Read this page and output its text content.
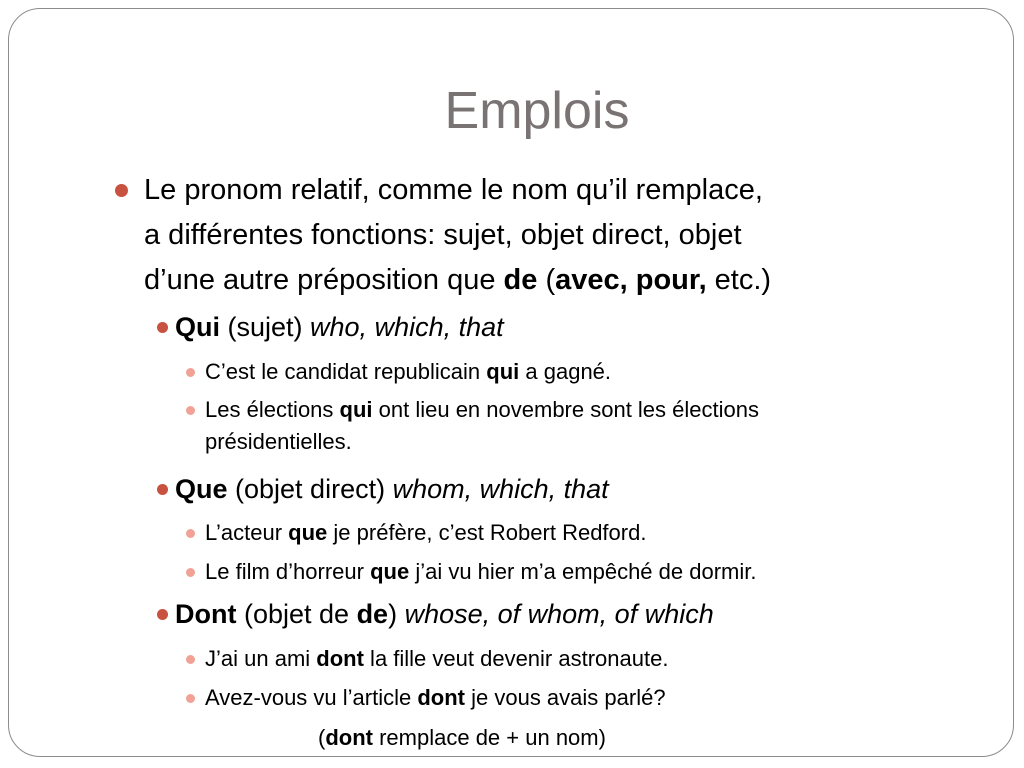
Emplois
Le pronom relatif, comme le nom qu’il remplace,
a différentes fonctions: sujet, objet direct, objet
d’une autre préposition que de (avec, pour, etc.)
Qui (sujet) who, which, that
C’est le candidat republicain qui a gagné.
Les élections qui ont lieu en novembre sont les élections
présidentielles.
Que (objet direct) whom, which, that
L’acteur que je préfère, c’est Robert Redford.
Le film d’horreur que j’ai vu hier m’a empêché de dormir.
Dont (objet de de) whose, of whom, of which
J’ai un ami dont la fille veut devenir astronaute.
Avez-vous vu l’article dont je vous avais parlé?
(dont remplace de + un nom)
